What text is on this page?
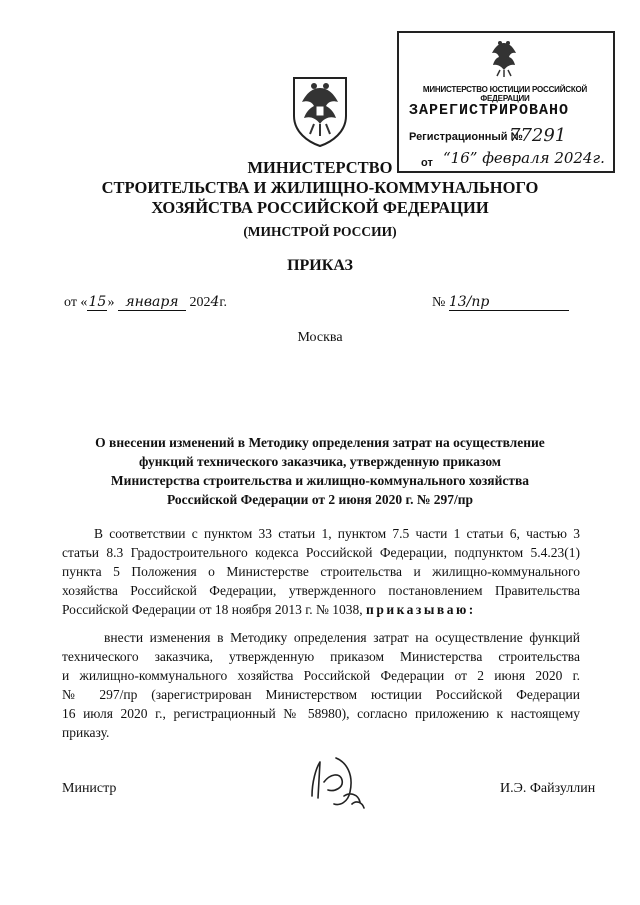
МИНИСТЕРСТВО ЮСТИЦИИ РОССИЙСКОЙ ФЕДЕРАЦИИ
ЗАРЕГИСТРИРОВАНО
Регистрационный №
77291
от “16” февраля 2024г.
МИНИСТЕРСТВО
СТРОИТЕЛЬСТВА И ЖИЛИЩНО-КОММУНАЛЬНОГО
ХОЗЯЙСТВА РОССИЙСКОЙ ФЕДЕРАЦИИ
(МИНСТРОЙ РОССИИ)
ПРИКАЗ
от «15» января 2024г.	№ 13/пр
Москва
О внесении изменений в Методику определения затрат на осуществление
функций технического заказчика, утвержденную приказом
Министерства строительства и жилищно-коммунального хозяйства
Российской Федерации от 2 июня 2020 г. № 297/пр
В соответствии с пунктом 33 статьи 1, пунктом 7.5 части 1 статьи 6, частью 3
статьи 8.3 Градостроительного кодекса Российской Федерации, подпунктом 5.4.23(1)
пункта 5 Положения о Министерстве строительства и жилищно-коммунального
хозяйства Российской Федерации, утвержденного постановлением Правительства
Российской Федерации от 18 ноября 2013 г. № 1038, приказываю:
внести изменения в Методику определения затрат на осуществление функций
технического заказчика, утвержденную приказом Министерства строительства
и жилищно-коммунального хозяйства Российской Федерации от 2 июня 2020 г.
№ 297/пр (зарегистрирован Министерством юстиции Российской Федерации
16 июля 2020 г., регистрационный № 58980), согласно приложению к настоящему
приказу.
Министр	И.Э. Файзуллин
